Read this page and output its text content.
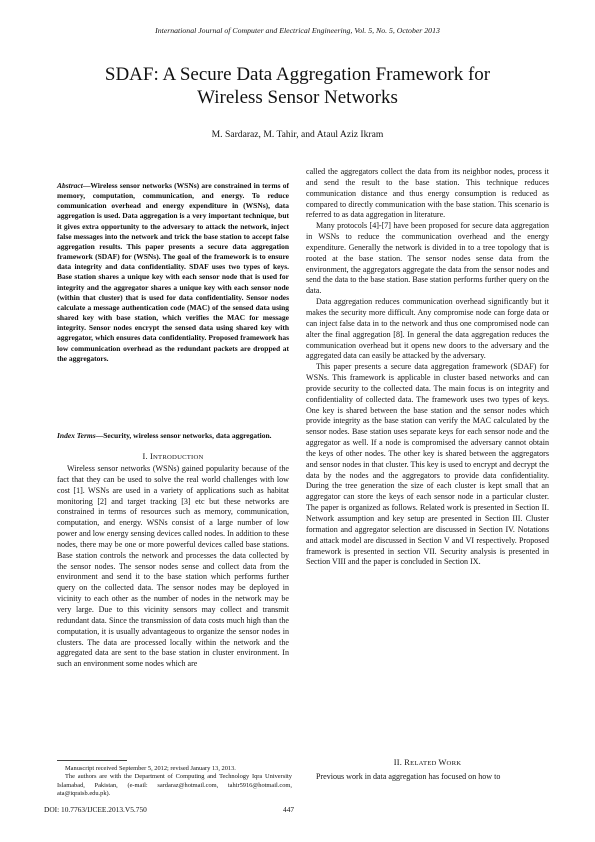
International Journal of Computer and Electrical Engineering, Vol. 5, No. 5, October 2013
SDAF: A Secure Data Aggregation Framework for
Wireless Sensor Networks
M. Sardaraz, M. Tahir, and Ataul Aziz Ikram
Abstract—Wireless sensor networks (WSNs) are constrained in terms of memory, computation, communication, and energy. To reduce communication overhead and energy expenditure in (WSNs), data aggregation is used. Data aggregation is a very important technique, but it gives extra opportunity to the adversary to attack the network, inject false messages into the network and trick the base station to accept false aggregation results. This paper presents a secure data aggregation framework (SDAF) for (WSNs). The goal of the framework is to ensure data integrity and data confidentiality. SDAF uses two types of keys. Base station shares a unique key with each sensor node that is used for integrity and the aggregator shares a unique key with each sensor node (within that cluster) that is used for data confidentiality. Sensor nodes calculate a message authentication code (MAC) of the sensed data using shared key with base station, which verifies the MAC for message integrity. Sensor nodes encrypt the sensed data using shared key with aggregator, which ensures data confidentiality. Proposed framework has low communication overhead as the redundant packets are dropped at the aggregators.
Index Terms—Security, wireless sensor networks, data aggregation.
I. INTRODUCTION

Wireless sensor networks (WSNs) gained popularity because of the fact that they can be used to solve the real world challenges with low cost [1]. WSNs are used in a variety of applications such as habitat monitoring [2] and target tracking [3] etc but these networks are constrained in terms of resources such as memory, communication, computation, and energy. WSNs consist of a large number of low power and low energy sensing devices called nodes. In addition to these nodes, there may be one or more powerful devices called base stations. Base station controls the network and processes the data collected by the sensor nodes. The sensor nodes sense and collect data from the environment and send it to the base station which performs further query on the collected data. The sensor nodes may be deployed in vicinity to each other as the number of nodes in the network may be very large. Due to this vicinity sensors may collect and transmit redundant data. Since the transmission of data costs much high than the computation, it is usually advantageous to organize the sensor nodes in clusters. The data are processed locally within the network and the aggregated data are sent to the base station in cluster environment. In such an environment some nodes which are

called the aggregators collect the data from its neighbor nodes, process it and send the result to the base station. This technique reduces communication distance and thus energy consumption is reduced as compared to directly communication with the base station. This scenario is referred to as data aggregation in literature.

Many protocols [4]-[7] have been proposed for secure data aggregation in WSNs to reduce the communication overhead and the energy expenditure. Generally the network is divided in to a tree topology that is rooted at the base station. The sensor nodes sense data from the environment, the aggregators aggregate the data from the sensor nodes and send the data to the base station. Base station performs further query on the data.

Data aggregation reduces communication overhead significantly but it makes the security more difficult. Any compromise node can forge data or can inject false data in to the network and thus one compromised node can alter the final aggregation [8]. In general the data aggregation reduces the communication overhead but it opens new doors to the adversary and the aggregated data can easily be attacked by the adversary.

This paper presents a secure data aggregation framework (SDAF) for WSNs. This framework is applicable in cluster based networks and can provide security to the collected data. The main focus is on integrity and confidentiality of collected data. The framework uses two types of keys. One key is shared between the base station and the sensor nodes which provide integrity as the base station can verify the MAC calculated by the sensor nodes. Base station uses separate keys for each sensor node and the aggregator as well. If a node is compromised the adversary cannot obtain the keys of other nodes. The other key is shared between the aggregators and sensor nodes in that cluster. This key is used to encrypt and decrypt the data by the nodes and the aggregators to provide data confidentiality. During the tree generation the size of each cluster is kept small that an aggregator can store the keys of each sensor node in a particular cluster. The paper is organized as follows. Related work is presented in Section II. Network assumption and key setup are presented in Section III. Cluster formation and aggregator selection are discussed in Section IV. Notations and attack model are discussed in Section V and VI respectively. Proposed framework is presented in section VII. Security analysis is presented in Section VIII and the paper is concluded in Section IX.

II. RELATED WORK

Previous work in data aggregation has focused on how to

Manuscript received September 5, 2012; revised January 13, 2013.
The authors are with the Department of Computing and Technology Iqra University Islamabad, Pakistan, (e-mail: sardaraz@hotmail.com, tahir5916@hotmail.com, ata@iqraisb.edu.pk).
DOI: 10.7763/IJCEE.2013.V5.750	447
